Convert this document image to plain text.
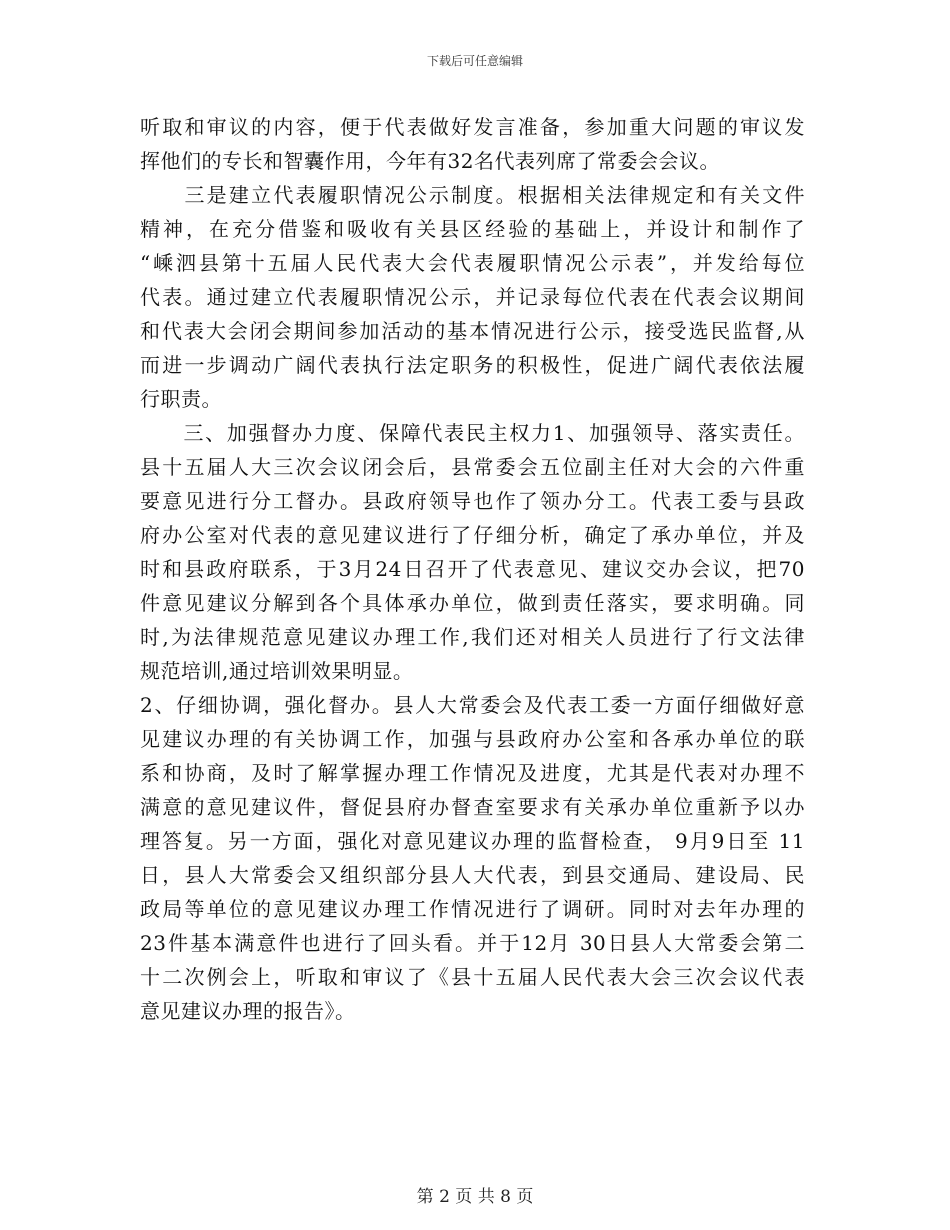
下载后可任意编辑
听取和审议的内容，便于代表做好发言准备，参加重大问题的审议发
挥他们的专长和智囊作用，今年有32名代表列席了常委会会议。
　　三是建立代表履职情况公示制度。根据相关法律规定和有关文件
精神，在充分借鉴和吸收有关县区经验的基础上，并设计和制作了
“嵊泗县第十五届人民代表大会代表履职情况公示表”，并发给每位
代表。通过建立代表履职情况公示，并记录每位代表在代表会议期间
和代表大会闭会期间参加活动的基本情况进行公示，接受选民监督,从
而进一步调动广阔代表执行法定职务的积极性，促进广阔代表依法履
行职责。
　　三、加强督办力度、保障代表民主权力1、加强领导、落实责任。
县十五届人大三次会议闭会后，县常委会五位副主任对大会的六件重
要意见进行分工督办。县政府领导也作了领办分工。代表工委与县政
府办公室对代表的意见建议进行了仔细分析，确定了承办单位，并及
时和县政府联系，于3月24日召开了代表意见、建议交办会议，把70
件意见建议分解到各个具体承办单位，做到责任落实，要求明确。同
时,为法律规范意见建议办理工作,我们还对相关人员进行了行文法律
规范培训,通过培训效果明显。
2、仔细协调，强化督办。县人大常委会及代表工委一方面仔细做好意
见建议办理的有关协调工作，加强与县政府办公室和各承办单位的联
系和协商，及时了解掌握办理工作情况及进度，尤其是代表对办理不
满意的意见建议件，督促县府办督查室要求有关承办单位重新予以办
理答复。另一方面，强化对意见建议办理的监督检查， 9月9日至 11
日，县人大常委会又组织部分县人大代表，到县交通局、建设局、民
政局等单位的意见建议办理工作情况进行了调研。同时对去年办理的
23件基本满意件也进行了回头看。并于12月 30日县人大常委会第二
十二次例会上，听取和审议了《县十五届人民代表大会三次会议代表
意见建议办理的报告》。
第 2 页 共 8 页
